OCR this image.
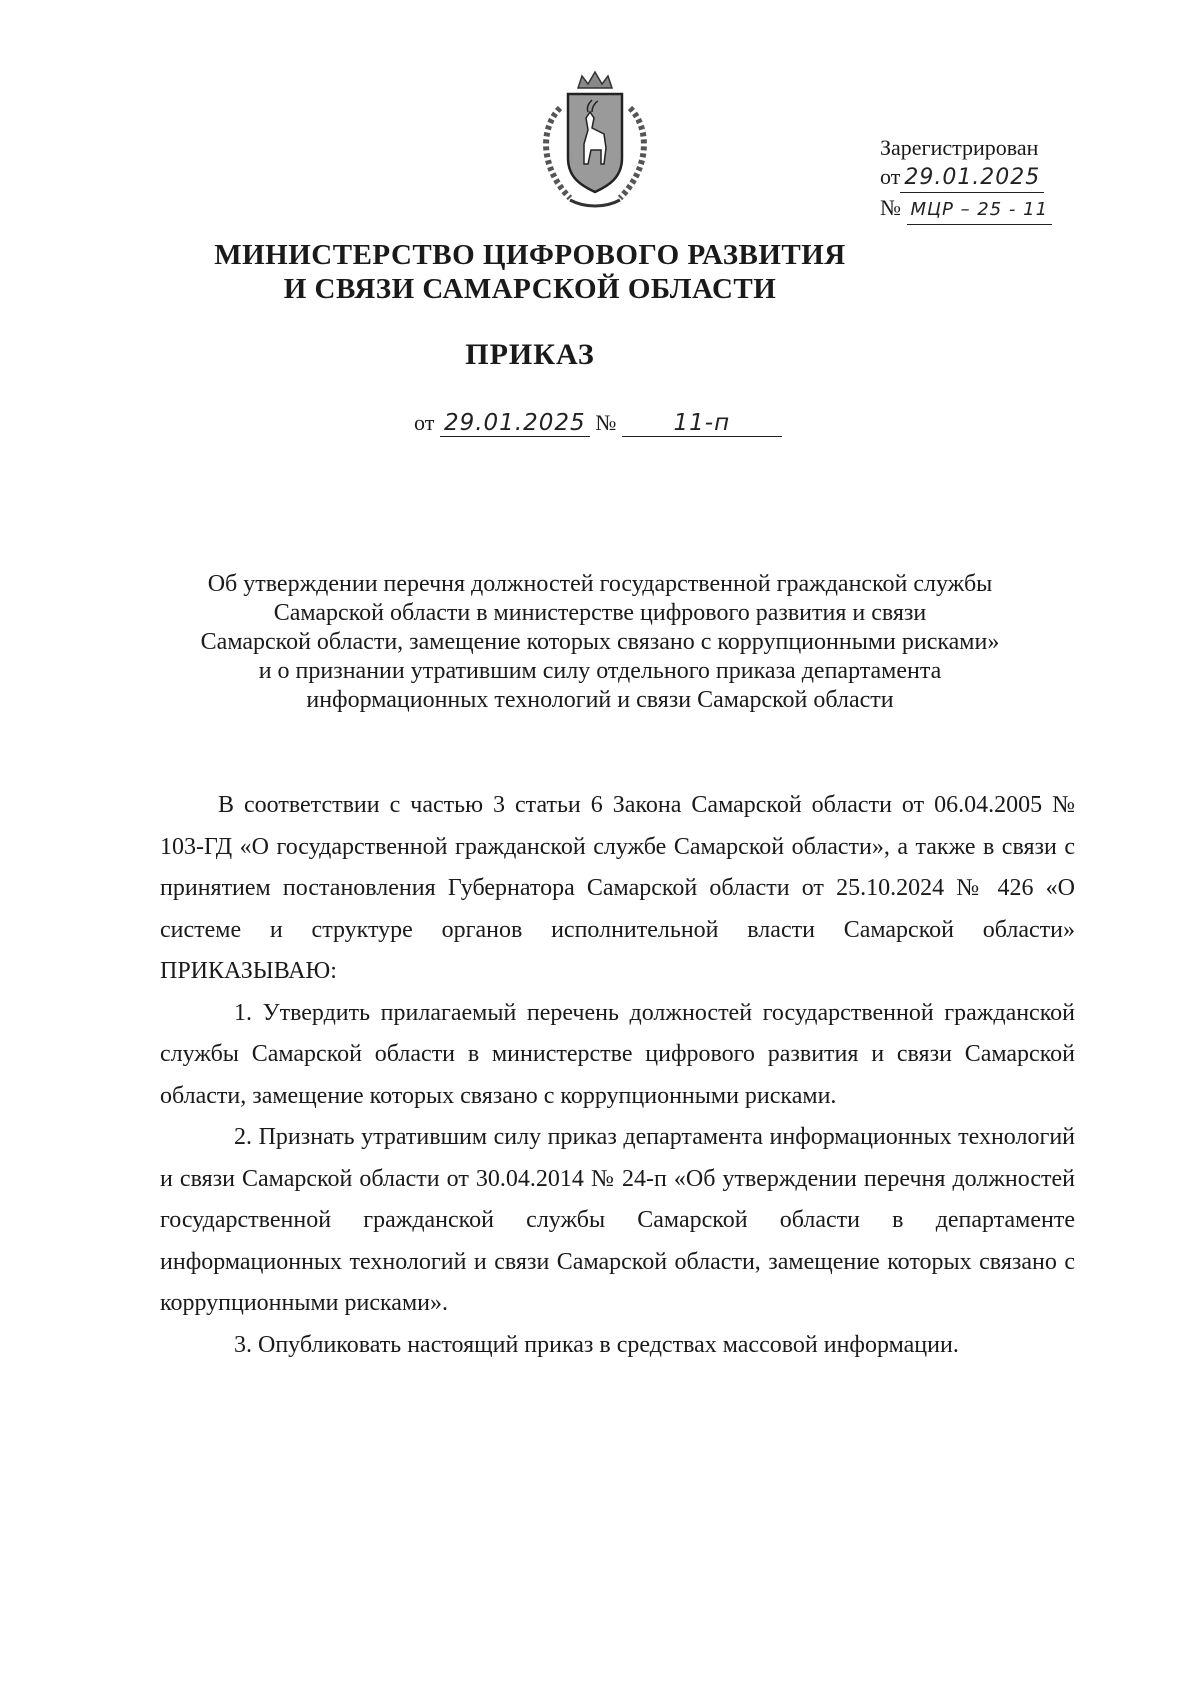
Зарегистрирован
от 29.01.2025
№ МЦР – 25 - 11
МИНИСТЕРСТВО ЦИФРОВОГО РАЗВИТИЯ
И СВЯЗИ САМАРСКОЙ ОБЛАСТИ
ПРИКАЗ
от 29.01.2025 № 11-п
Об утверждении перечня должностей государственной гражданской службы
Самарской области в министерстве цифрового развития и связи
Самарской области, замещение которых связано с коррупционными рисками»
и о признании утратившим силу отдельного приказа департамента
информационных технологий и связи Самарской области

В соответствии с частью 3 статьи 6 Закона Самарской области от 06.04.2005 № 103-ГД «О государственной гражданской службе Самарской области», а также в связи с принятием постановления Губернатора Самарской области от 25.10.2024 № 426 «О системе и структуре органов исполнительной власти Самарской области» ПРИКАЗЫВАЮ:

1. Утвердить прилагаемый перечень должностей государственной гражданской службы Самарской области в министерстве цифрового развития и связи Самарской области, замещение которых связано с коррупционными рисками.

2. Признать утратившим силу приказ департамента информационных технологий и связи Самарской области от 30.04.2014 № 24-п «Об утверждении перечня должностей государственной гражданской службы Самарской области в департаменте информационных технологий и связи Самарской области, замещение которых связано с коррупционными рисками».

3. Опубликовать настоящий приказ в средствах массовой информации.
